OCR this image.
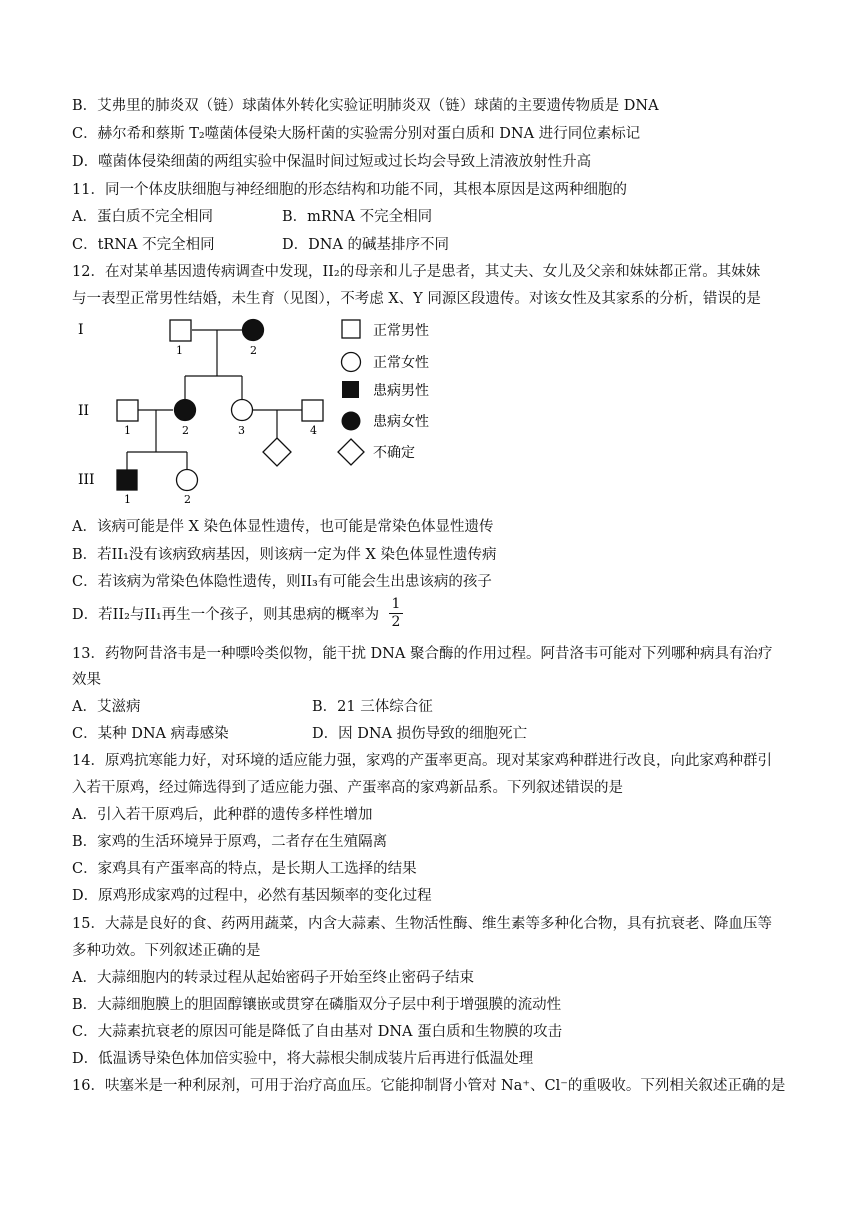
B．艾弗里的肺炎双（链）球菌体外转化实验证明肺炎双（链）球菌的主要遗传物质是 DNA
C．赫尔希和蔡斯 T₂噬菌体侵染大肠杆菌的实验需分别对蛋白质和 DNA 进行同位素标记
D．噬菌体侵染细菌的两组实验中保温时间过短或过长均会导致上清液放射性升高
11．同一个体皮肤细胞与神经细胞的形态结构和功能不同，其根本原因是这两种细胞的
A．蛋白质不完全相同	B．mRNA 不完全相同
C．tRNA 不完全相同	D．DNA 的碱基排序不同
12．在对某单基因遗传病调查中发现，II₂的母亲和儿子是患者，其丈夫、女儿及父亲和妹妹都正常。其妹妹
与一表型正常男性结婚，未生育（见图），不考虑 X、Y 同源区段遗传。对该女性及其家系的分析，错误的是
I
II
III
1	2
1	2	3	4
1	2
正常男性
正常女性
患病男性
患病女性
不确定
A．该病可能是伴 X 染色体显性遗传，也可能是常染色体显性遗传
B．若II₁没有该病致病基因，则该病一定为伴 X 染色体显性遗传病
C．若该病为常染色体隐性遗传，则II₃有可能会生出患该病的孩子
D．若II₂与II₁再生一个孩子，则其患病的概率为 $\frac{1}{2}$
13．药物阿昔洛韦是一种嘌呤类似物，能干扰 DNA 聚合酶的作用过程。阿昔洛韦可能对下列哪种病具有治疗
效果
A．艾滋病	B．21 三体综合征
C．某种 DNA 病毒感染	D．因 DNA 损伤导致的细胞死亡
14．原鸡抗寒能力好，对环境的适应能力强，家鸡的产蛋率更高。现对某家鸡种群进行改良，向此家鸡种群引
入若干原鸡，经过筛选得到了适应能力强、产蛋率高的家鸡新品系。下列叙述错误的是
A．引入若干原鸡后，此种群的遗传多样性增加
B．家鸡的生活环境异于原鸡，二者存在生殖隔离
C．家鸡具有产蛋率高的特点，是长期人工选择的结果
D．原鸡形成家鸡的过程中，必然有基因频率的变化过程
15．大蒜是良好的食、药两用蔬菜，内含大蒜素、生物活性酶、维生素等多种化合物，具有抗衰老、降血压等
多种功效。下列叙述正确的是
A．大蒜细胞内的转录过程从起始密码子开始至终止密码子结束
B．大蒜细胞膜上的胆固醇镶嵌或贯穿在磷脂双分子层中利于增强膜的流动性
C．大蒜素抗衰老的原因可能是降低了自由基对 DNA 蛋白质和生物膜的攻击
D．低温诱导染色体加倍实验中，将大蒜根尖制成装片后再进行低温处理
16．呋塞米是一种利尿剂，可用于治疗高血压。它能抑制肾小管对 Na⁺、Cl⁻的重吸收。下列相关叙述正确的是
